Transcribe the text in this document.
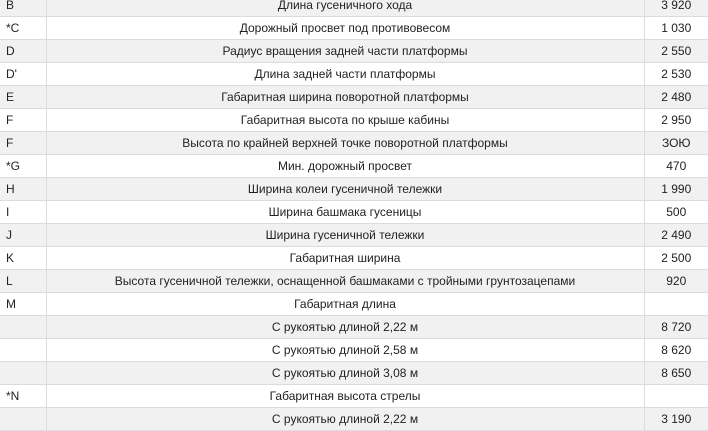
B	Длина гусеничного хода	3 920
*C	Дорожный просвет под противовесом	1 030
D	Радиус вращения задней части платформы	2 550
D'	Длина задней части платформы	2 530
E	Габаритная ширина поворотной платформы	2 480
F	Габаритная высота по крыше кабины	2 950
F	Высота по крайней верхней точке поворотной платформы	ЗОЮ
*G	Мин. дорожный просвет	470
H	Ширина колеи гусеничной тележки	1 990
I	Ширина башмака гусеницы	500
J	Ширина гусеничной тележки	2 490
K	Габаритная ширина	2 500
L	Высота гусеничной тележки, оснащенной башмаками с тройными грунтозацепами	920
M	Габаритная длина	
	С рукоятью длиной 2,22 м	8 720
	С рукоятью длиной 2,58 м	8 620
	С рукоятью длиной 3,08 м	8 650
*N	Габаритная высота стрелы	
	С рукоятью длиной 2,22 м	3 190
